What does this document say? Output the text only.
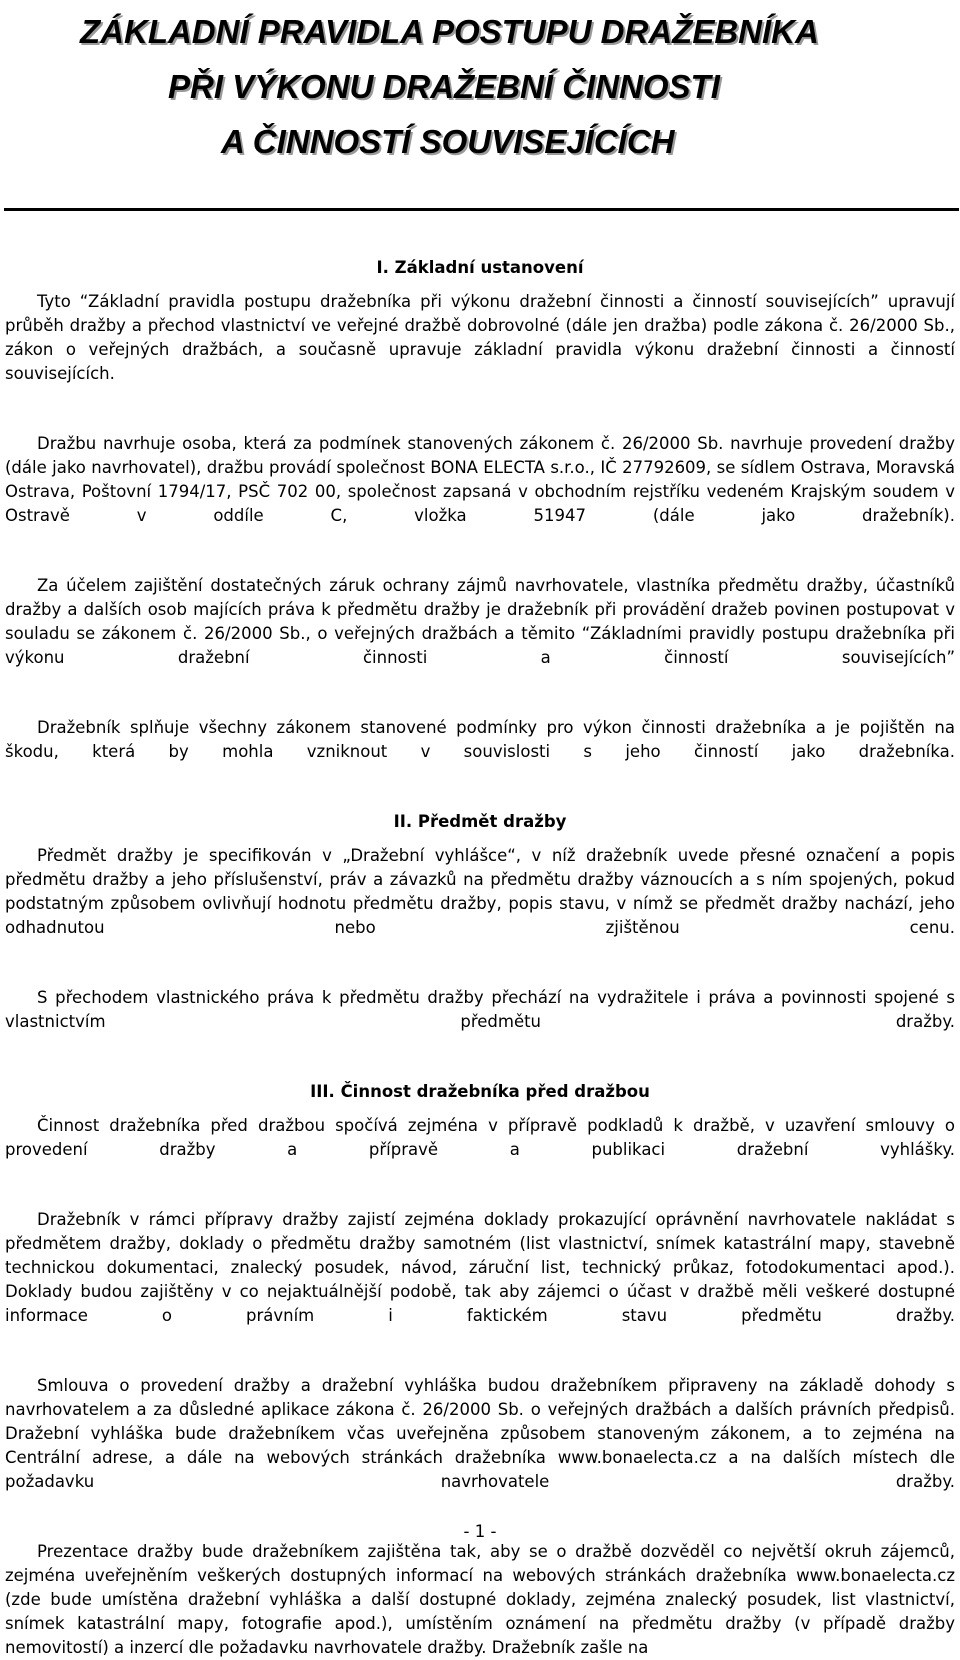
ZÁKLADNÍ PRAVIDLA POSTUPU DRAŽEBNÍKA
PŘI VÝKONU DRAŽEBNÍ ČINNOSTI
A ČINNOSTÍ SOUVISEJÍCÍCH
I. Základní ustanovení

Tyto “Základní pravidla postupu dražebníka při výkonu dražební činnosti a činností souvisejících” upravují průběh dražby a přechod vlastnictví ve veřejné dražbě dobrovolné (dále jen dražba) podle zákona č. 26/2000 Sb., zákon o veřejných dražbách, a současně upravuje základní pravidla výkonu dražební činnosti a činností souvisejících.

Dražbu navrhuje osoba, která za podmínek stanovených zákonem č. 26/2000 Sb. navrhuje provedení dražby (dále jako navrhovatel), dražbu provádí společnost BONA ELECTA s.r.o., IČ 27792609, se sídlem Ostrava, Moravská Ostrava, Poštovní 1794/17, PSČ 702 00, společnost zapsaná v obchodním rejstříku vedeném Krajským soudem v Ostravě v oddíle C, vložka 51947 (dále jako dražebník).

Za účelem zajištění dostatečných záruk ochrany zájmů navrhovatele, vlastníka předmětu dražby, účastníků dražby a dalších osob majících práva k předmětu dražby je dražebník při provádění dražeb povinen postupovat v souladu se zákonem č. 26/2000 Sb., o veřejných dražbách a těmito “Základními pravidly postupu dražebníka při výkonu dražební činnosti a činností souvisejících”

Dražebník splňuje všechny zákonem stanovené podmínky pro výkon činnosti dražebníka a je pojištěn na škodu, která by mohla vzniknout v souvislosti s jeho činností jako dražebníka.

II. Předmět dražby

Předmět dražby je specifikován v „Dražební vyhlášce“, v níž dražebník uvede přesné označení a popis předmětu dražby a jeho příslušenství, práv a závazků na předmětu dražby váznoucích a s ním spojených, pokud podstatným způsobem ovlivňují hodnotu předmětu dražby, popis stavu, v nímž se předmět dražby nachází, jeho odhadnutou nebo zjištěnou cenu.

S přechodem vlastnického práva k předmětu dražby přechází na vydražitele i práva a povinnosti spojené s vlastnictvím předmětu dražby.

III. Činnost dražebníka před dražbou

Činnost dražebníka před dražbou spočívá zejména v přípravě podkladů k dražbě, v uzavření smlouvy o provedení dražby a přípravě a publikaci dražební vyhlášky.

Dražebník v rámci přípravy dražby zajistí zejména doklady prokazující oprávnění navrhovatele nakládat s předmětem dražby, doklady o předmětu dražby samotném (list vlastnictví, snímek katastrální mapy, stavebně technickou dokumentaci, znalecký posudek, návod, záruční list, technický průkaz, fotodokumentaci apod.). Doklady budou zajištěny v co nejaktuálnější podobě, tak aby zájemci o účast v dražbě měli veškeré dostupné informace o právním i faktickém stavu předmětu dražby.

Smlouva o provedení dražby a dražební vyhláška budou dražebníkem připraveny na základě dohody s navrhovatelem a za důsledné aplikace zákona č. 26/2000 Sb. o veřejných dražbách a dalších právních předpisů. Dražební vyhláška bude dražebníkem včas uveřejněna způsobem stanoveným zákonem, a to zejména na Centrální adrese, a dále na webových stránkách dražebníka www.bonaelecta.cz a na dalších místech dle požadavku navrhovatele dražby.

Prezentace dražby bude dražebníkem zajištěna tak, aby se o dražbě dozvěděl co největší okruh zájemců, zejména uveřejněním veškerých dostupných informací na webových stránkách dražebníka www.bonaelecta.cz (zde bude umístěna dražební vyhláška a další dostupné doklady, zejména znalecký posudek, list vlastnictví, snímek katastrální mapy, fotografie apod.), umístěním oznámení na předmětu dražby (v případě dražby nemovitostí) a inzercí dle požadavku navrhovatele dražby. Dražebník zašle na

- 1 -
